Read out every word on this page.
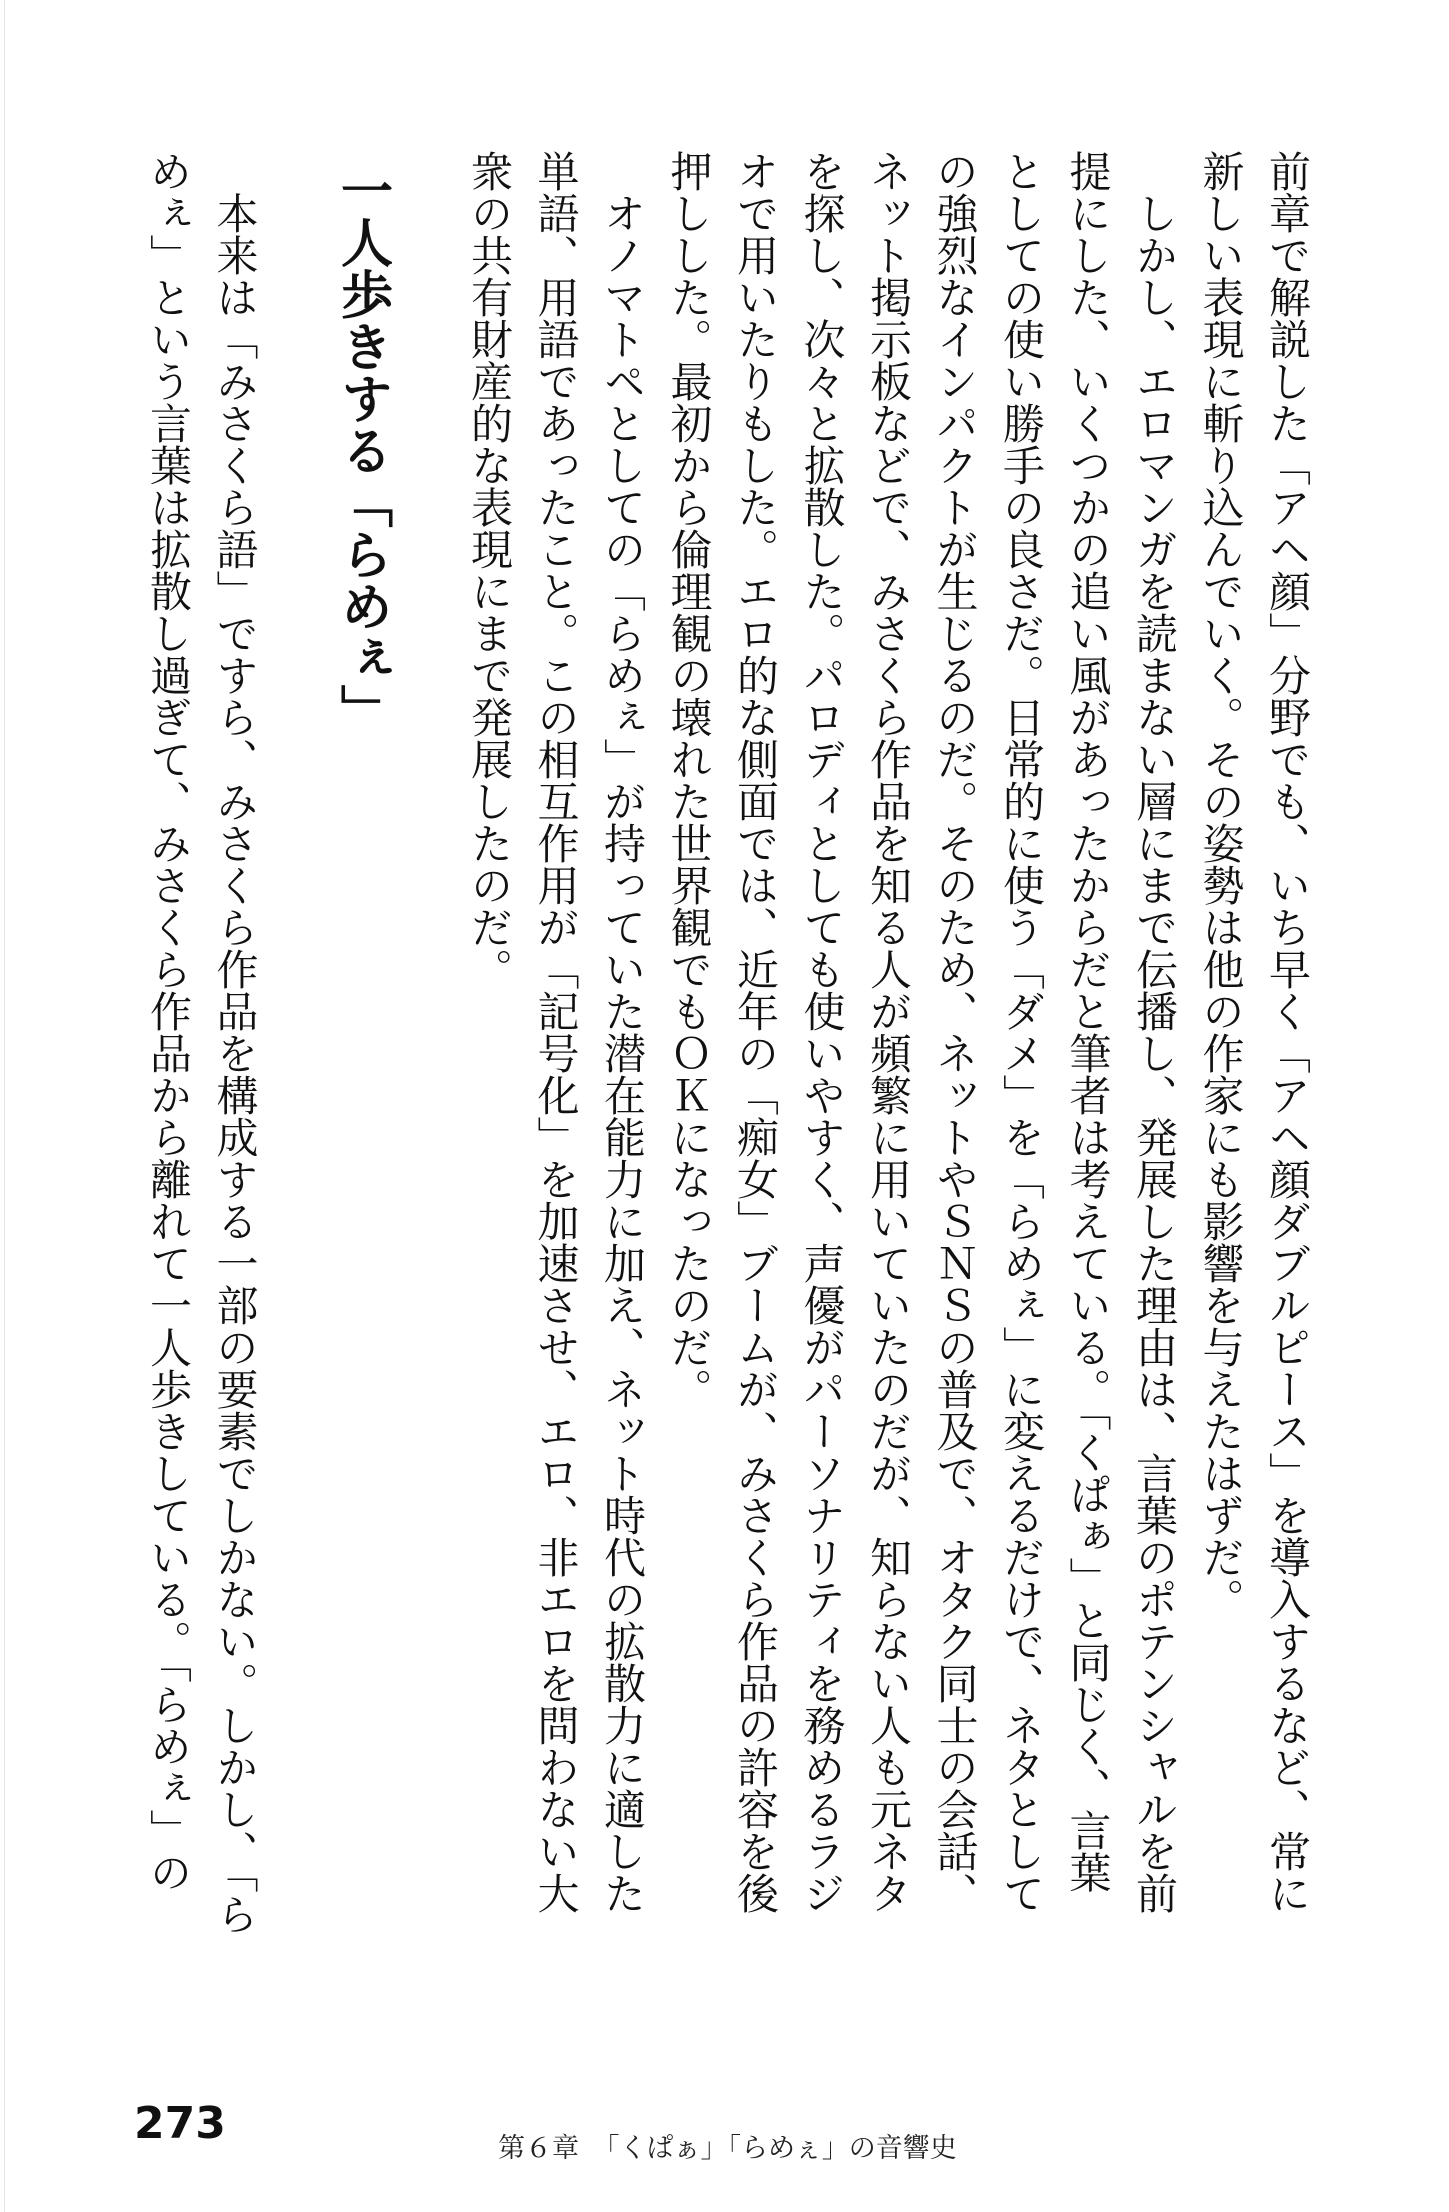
前章で解説した「アヘ顔」分野でも、いち早く「アヘ顔ダブルピース」を導入するなど、常に
新しい表現に斬り込んでいく。その姿勢は他の作家にも影響を与えたはずだ。
　しかし、エロマンガを読まない層にまで伝播し、発展した理由は、言葉のポテンシャルを前
提にした、いくつかの追い風があったからだと筆者は考えている。「くぱぁ」と同じく、言葉
としての使い勝手の良さだ。日常的に使う「ダメ」を「らめぇ」に変えるだけで、ネタとして
の強烈なインパクトが生じるのだ。そのため、ネットやＳＮＳの普及で、オタク同士の会話、
ネット掲示板などで、みさくら作品を知る人が頻繁に用いていたのだが、知らない人も元ネタ
を探し、次々と拡散した。パロディとしても使いやすく、声優がパーソナリティを務めるラジ
オで用いたりもした。エロ的な側面では、近年の「痴女」ブームが、みさくら作品の許容を後
押しした。最初から倫理観の壊れた世界観でもＯＫになったのだ。
　オノマトペとしての「らめぇ」が持っていた潜在能力に加え、ネット時代の拡散力に適した
単語、用語であったこと。この相互作用が「記号化」を加速させ、エロ、非エロを問わない大
衆の共有財産的な表現にまで発展したのだ。
一人歩きする「らめぇ」
　本来は「みさくら語」ですら、みさくら作品を構成する一部の要素でしかない。しかし、「ら
めぇ」という言葉は拡散し過ぎて、みさくら作品から離れて一人歩きしている。「らめぇ」の
273	第６章　「くぱぁ」「らめぇ」の音響史
